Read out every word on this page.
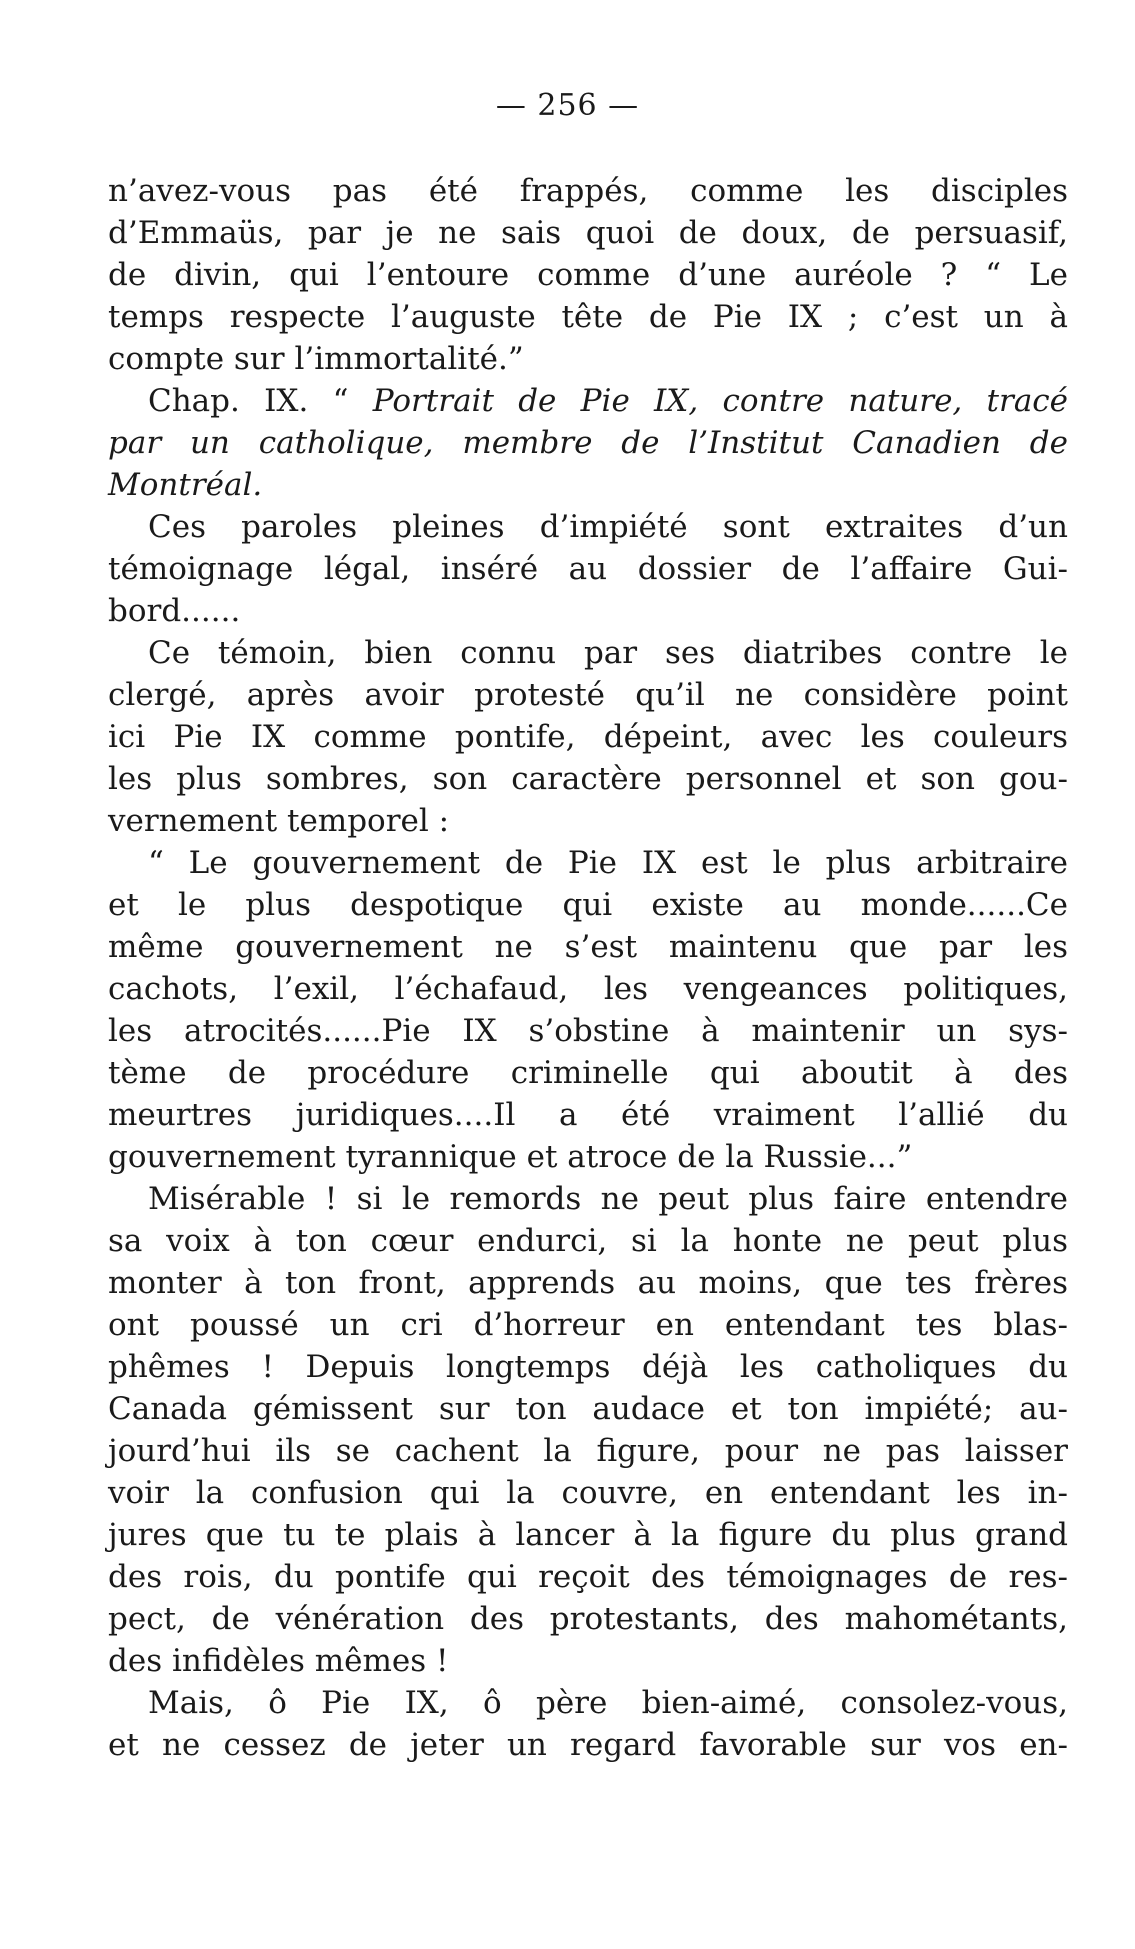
— 256 —
n’avez-vous pas été frappés, comme les disciples
d’Emmaüs, par je ne sais quoi de doux, de persuasif,
de divin, qui l’entoure comme d’une auréole ? “ Le
temps respecte l’auguste tête de Pie IX ; c’est un à
compte sur l’immortalité.”
Chap. IX. “ Portrait de Pie IX, contre nature, tracé
par un catholique, membre de l’Institut Canadien de
Montréal.
Ces paroles pleines d’impiété sont extraites d’un
témoignage légal, inséré au dossier de l’affaire Gui-
bord......
Ce témoin, bien connu par ses diatribes contre le
clergé, après avoir protesté qu’il ne considère point
ici Pie IX comme pontife, dépeint, avec les couleurs
les plus sombres, son caractère personnel et son gou-
vernement temporel :
“ Le gouvernement de Pie IX est le plus arbitraire
et le plus despotique qui existe au monde......Ce
même gouvernement ne s’est maintenu que par les
cachots, l’exil, l’échafaud, les vengeances politiques,
les atrocités......Pie IX s’obstine à maintenir un sys-
tème de procédure criminelle qui aboutit à des
meurtres juridiques....Il a été vraiment l’allié du
gouvernement tyrannique et atroce de la Russie...”
Misérable ! si le remords ne peut plus faire entendre
sa voix à ton cœur endurci, si la honte ne peut plus
monter à ton front, apprends au moins, que tes frères
ont poussé un cri d’horreur en entendant tes blas-
phêmes ! Depuis longtemps déjà les catholiques du
Canada gémissent sur ton audace et ton impiété; au-
jourd’hui ils se cachent la figure, pour ne pas laisser
voir la confusion qui la couvre, en entendant les in-
jures que tu te plais à lancer à la figure du plus grand
des rois, du pontife qui reçoit des témoignages de res-
pect, de vénération des protestants, des mahométants,
des infidèles mêmes !
Mais, ô Pie IX, ô père bien-aimé, consolez-vous,
et ne cessez de jeter un regard favorable sur vos en-
